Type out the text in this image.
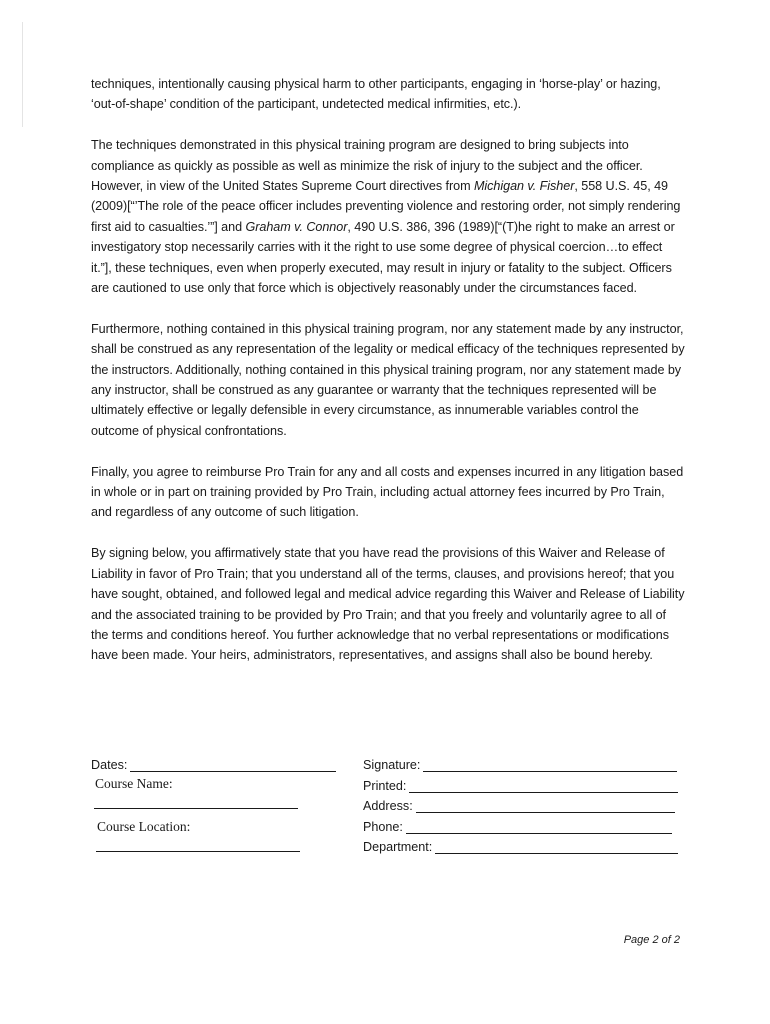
techniques, intentionally causing physical harm to other participants, engaging in ‘horse-play’ or hazing, ‘out-of-shape’ condition of the participant, undetected medical infirmities, etc.).

The techniques demonstrated in this physical training program are designed to bring subjects into compliance as quickly as possible as well as minimize the risk of injury to the subject and the officer. However, in view of the United States Supreme Court directives from Michigan v. Fisher, 558 U.S. 45, 49 (2009)[“’The role of the peace officer includes preventing violence and restoring order, not simply rendering first aid to casualties.’”] and Graham v. Connor, 490 U.S. 386, 396 (1989)[“(T)he right to make an arrest or investigatory stop necessarily carries with it the right to use some degree of physical coercion…to effect it.”], these techniques, even when properly executed, may result in injury or fatality to the subject. Officers are cautioned to use only that force which is objectively reasonably under the circumstances faced.

Furthermore, nothing contained in this physical training program, nor any statement made by any instructor, shall be construed as any representation of the legality or medical efficacy of the techniques represented by the instructors. Additionally, nothing contained in this physical training program, nor any statement made by any instructor, shall be construed as any guarantee or warranty that the techniques represented will be ultimately effective or legally defensible in every circumstance, as innumerable variables control the outcome of physical confrontations.

Finally, you agree to reimburse Pro Train for any and all costs and expenses incurred in any litigation based in whole or in part on training provided by Pro Train, including actual attorney fees incurred by Pro Train, and regardless of any outcome of such litigation.

By signing below, you affirmatively state that you have read the provisions of this Waiver and Release of Liability in favor of Pro Train; that you understand all of the terms, clauses, and provisions hereof; that you have sought, obtained, and followed legal and medical advice regarding this Waiver and Release of Liability and the associated training to be provided by Pro Train; and that you freely and voluntarily agree to all of the terms and conditions hereof. You further acknowledge that no verbal representations or modifications have been made. Your heirs, administrators, representatives, and assigns shall also be bound hereby.

Dates:
Course Name:
Course Location:
Signature:
Printed:
Address:
Phone:
Department:
Page 2 of 2
